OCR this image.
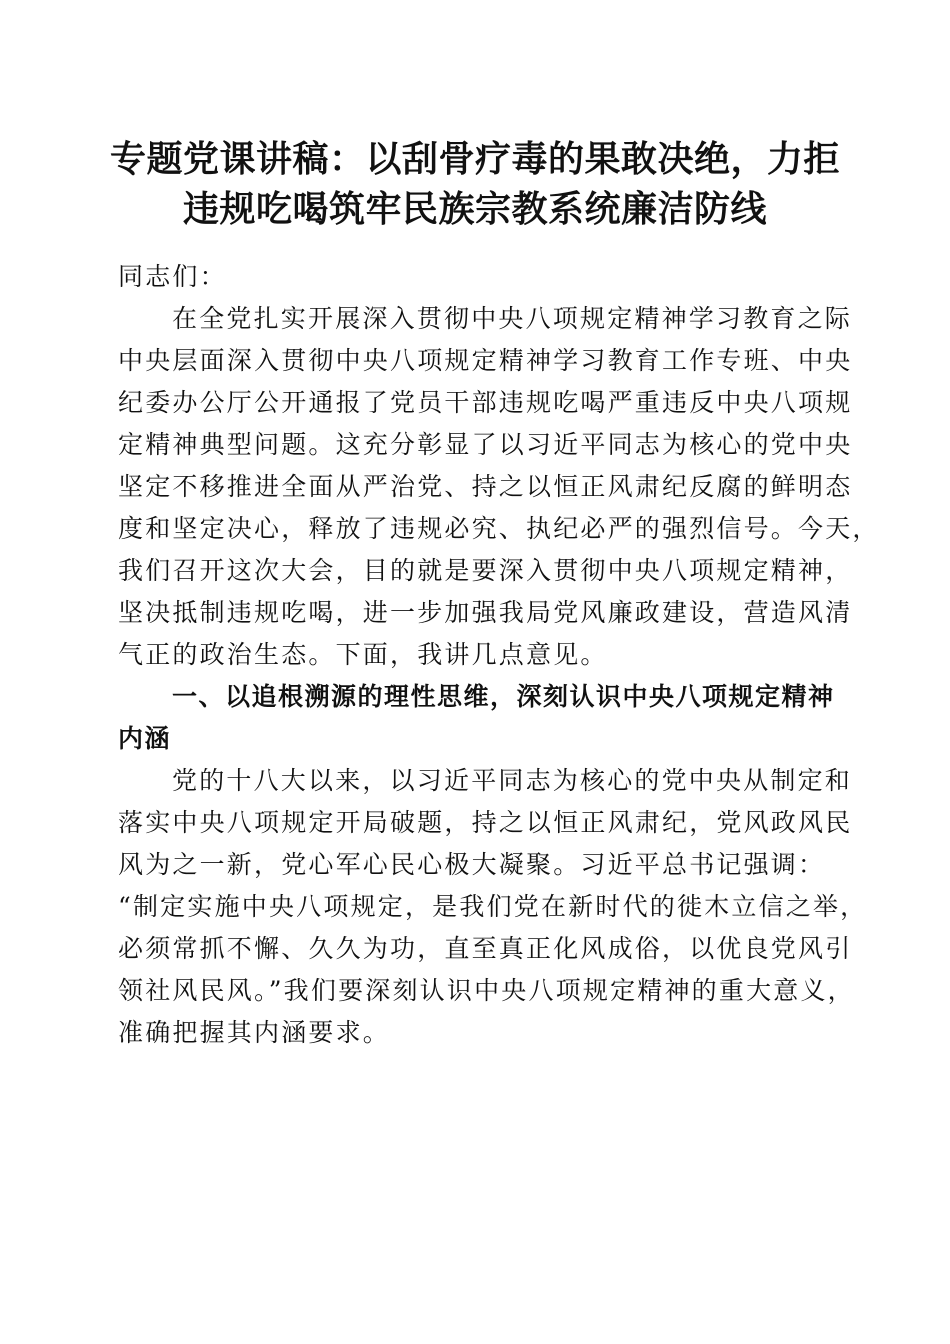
专题党课讲稿：以刮骨疗毒的果敢决绝，力拒
违规吃喝筑牢民族宗教系统廉洁防线
同志们：
在全党扎实开展深入贯彻中央八项规定精神学习教育之际
中央层面深入贯彻中央八项规定精神学习教育工作专班、中央
纪委办公厅公开通报了党员干部违规吃喝严重违反中央八项规
定精神典型问题。这充分彰显了以习近平同志为核心的党中央
坚定不移推进全面从严治党、持之以恒正风肃纪反腐的鲜明态
度和坚定决心，释放了违规必究、执纪必严的强烈信号。今天，
我们召开这次大会，目的就是要深入贯彻中央八项规定精神，
坚决抵制违规吃喝，进一步加强我局党风廉政建设，营造风清
气正的政治生态。下面，我讲几点意见。
一、以追根溯源的理性思维，深刻认识中央八项规定精神
内涵
党的十八大以来，以习近平同志为核心的党中央从制定和
落实中央八项规定开局破题，持之以恒正风肃纪，党风政风民
风为之一新，党心军心民心极大凝聚。习近平总书记强调：
“制定实施中央八项规定，是我们党在新时代的徙木立信之举，
必须常抓不懈、久久为功，直至真正化风成俗，以优良党风引
领社风民风。”我们要深刻认识中央八项规定精神的重大意义，
准确把握其内涵要求。
